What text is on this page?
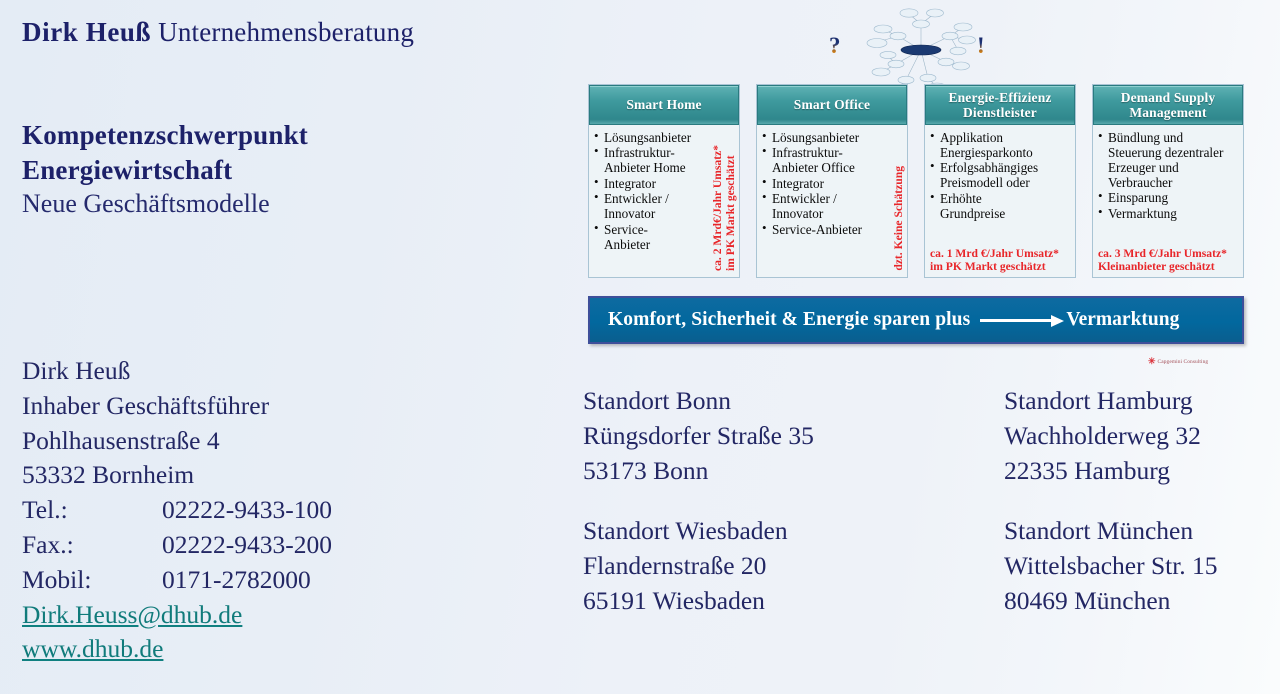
Dirk Heuß Unternehmensberatung
Kompetenzschwerpunkt
Energiewirtschaft
Neue Geschäftsmodelle
Dirk Heuß
Inhaber Geschäftsführer
Pohlhausenstraße 4
53332 Bornheim
Tel.:	02222-9433-100
Fax.:	02222-9433-200
Mobil:	0171-2782000
Dirk.Heuss@dhub.de
www.dhub.de
Standort Bonn
Rüngsdorfer Straße 35
53173 Bonn
Standort Wiesbaden
Flandernstraße 20
65191 Wiesbaden
Standort Hamburg
Wachholderweg 32
22335 Hamburg
Standort München
Wittelsbacher Str. 15
80469 München
?	!
Smart Home
• Lösungsanbieter
• Infrastruktur-
Anbieter Home
• Integrator
• Entwickler /
Innovator
• Service-
Anbieter	ca. 2 Mrd€/Jahr Umsatz*
im PK Markt geschätzt
Smart Office
• Lösungsanbieter
• Infrastruktur-
Anbieter Office
• Integrator
• Entwickler /
Innovator
• Service-Anbieter	dzt. Keine Schätzung
Energie-Effizienz
Dienstleister
• Applikation
Energiesparkonto
• Erfolgsabhängiges
Preismodell oder
• Erhöhte
Grundpreise
ca. 1 Mrd €/Jahr Umsatz*
im PK Markt geschätzt
Demand Supply
Management
• Bündlung und
Steuerung dezentraler Erzeuger und Verbraucher
• Einsparung
• Vermarktung
ca. 3 Mrd €/Jahr Umsatz*
Kleinanbieter geschätzt
Komfort, Sicherheit & Energie sparen plus	Vermarktung
✳ Capgemini Consulting
